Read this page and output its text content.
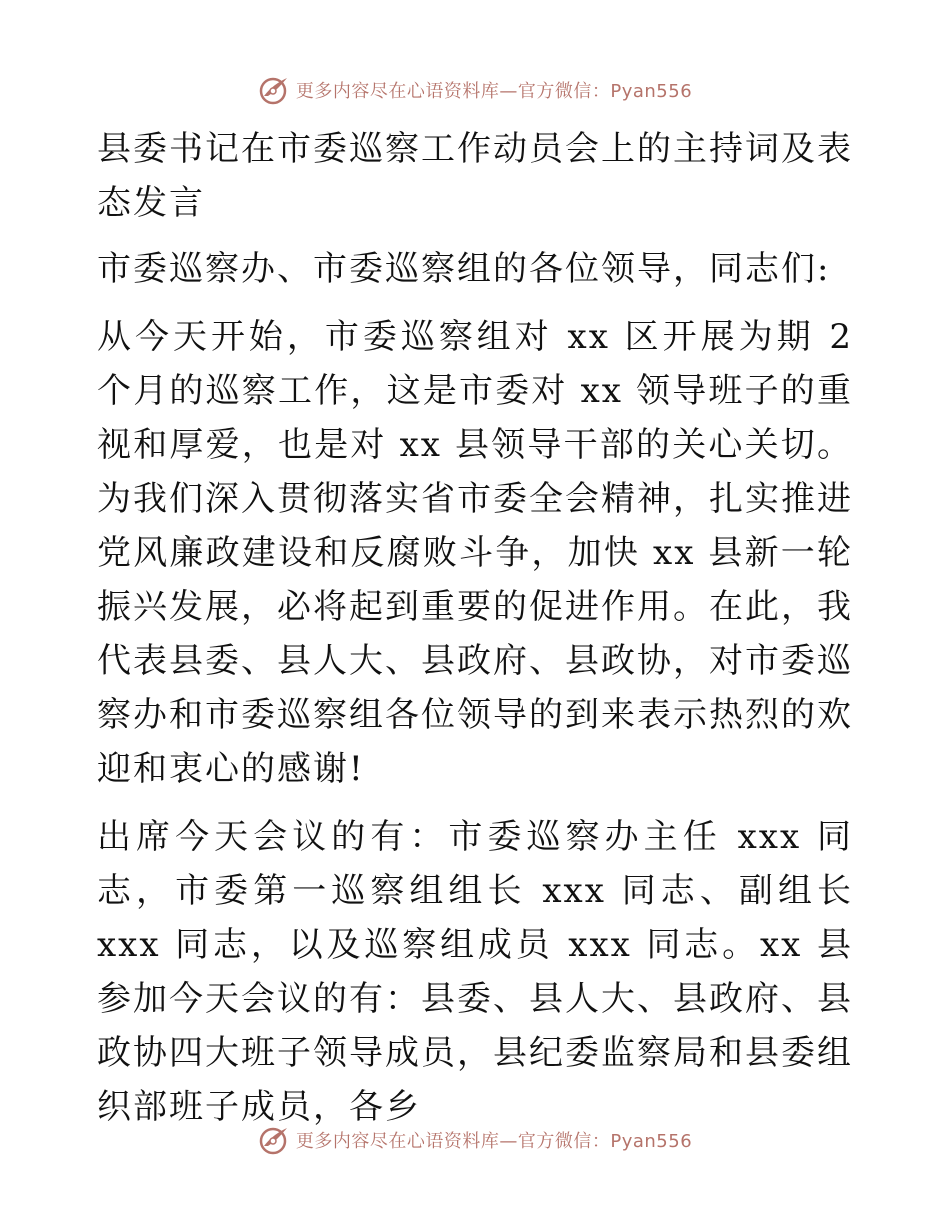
更多内容尽在心语资料库—官方微信：Pyan556

县委书记在市委巡察工作动员会上的主持词及表态发言

市委巡察办、市委巡察组的各位领导，同志们:

从今天开始，市委巡察组对 xx 区开展为期 2 个月的巡察工作，这是市委对 xx 领导班子的重视和厚爱，也是对 xx 县领导干部的关心关切。为我们深入贯彻落实省市委全会精神，扎实推进党风廉政建设和反腐败斗争，加快 xx 县新一轮振兴发展，必将起到重要的促进作用。在此，我代表县委、县人大、县政府、县政协，对市委巡察办和市委巡察组各位领导的到来表示热烈的欢迎和衷心的感谢!

出席今天会议的有：市委巡察办主任 xxx 同志，市委第一巡察组组长 xxx 同志、副组长 xxx 同志，以及巡察组成员 xxx 同志。xx 县参加今天会议的有：县委、县人大、县政府、县政协四大班子领导成员，县纪委监察局和县委组织部班子成员，各乡

更多内容尽在心语资料库—官方微信：Pyan556
